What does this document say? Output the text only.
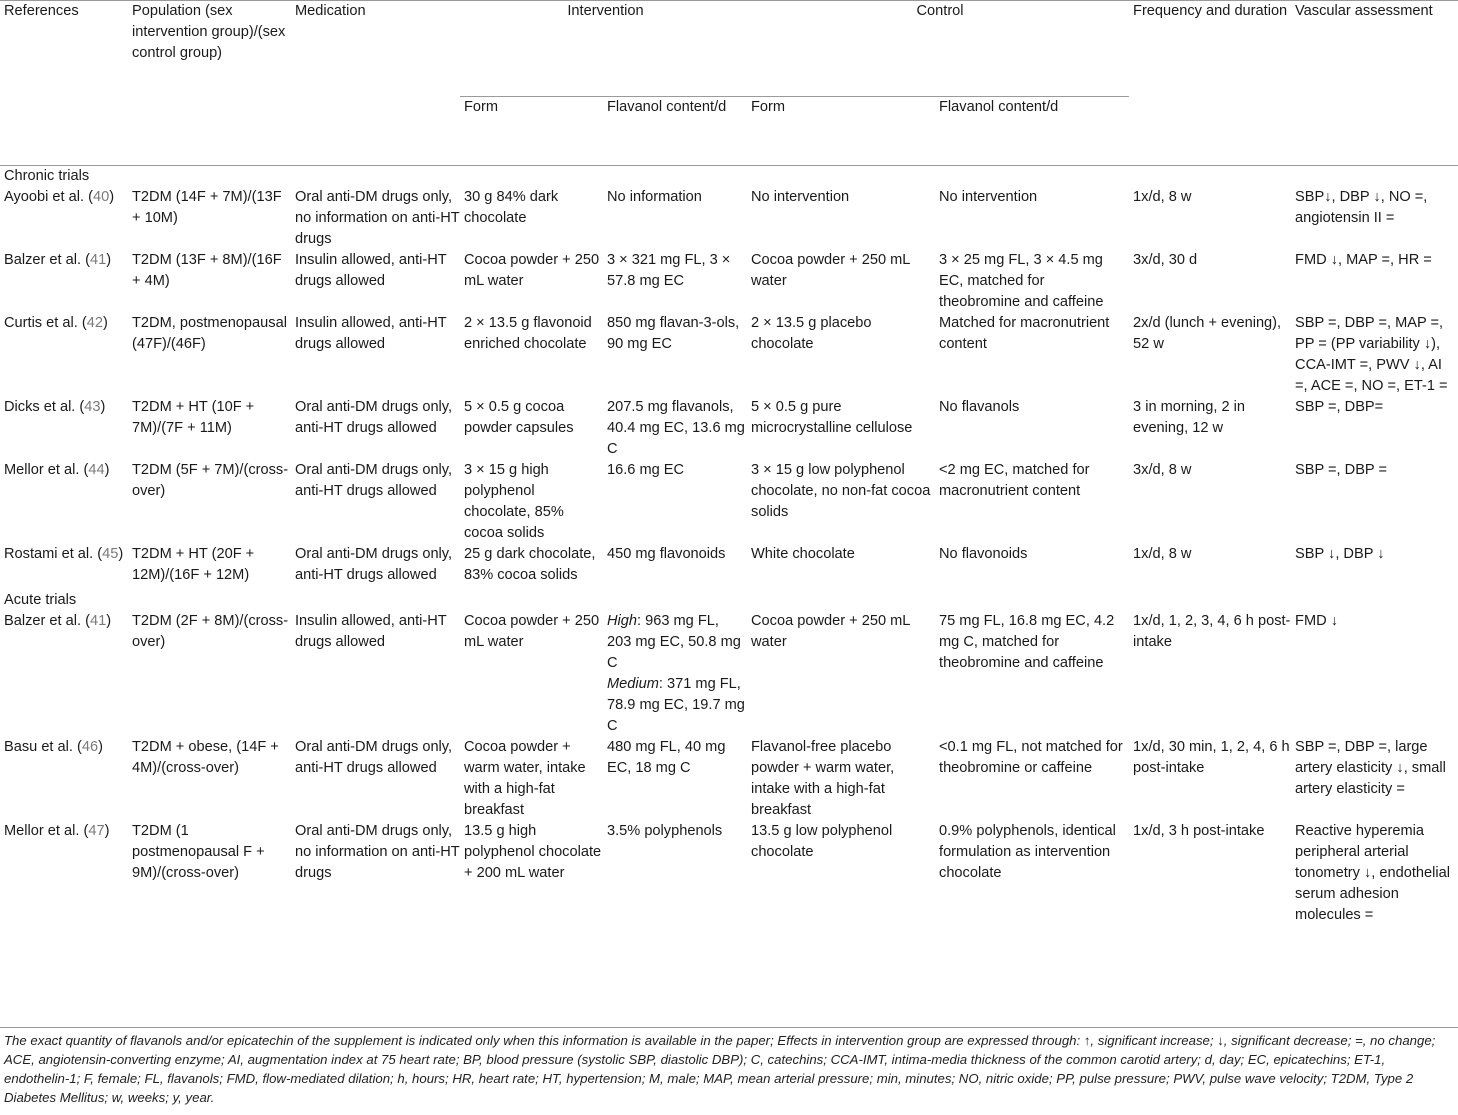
References	Population (sex intervention group)/(sex control group)	Medication	Intervention		Control		Frequency and duration	Vascular assessment
			Form	Flavanol content/d	Form	Flavanol content/d		

Chronic trials								
Ayoobi et al. (40)	T2DM (14F + 7M)/(13F + 10M)	Oral anti-DM drugs only, no information on anti-HT drugs	30 g 84% dark chocolate	No information	No intervention	No intervention	1x/d, 8 w	SBP↓, DBP ↓, NO =, angiotensin II =
Balzer et al. (41)	T2DM (13F + 8M)/(16F + 4M)	Insulin allowed, anti-HT drugs allowed	Cocoa powder + 250 mL water	3 × 321 mg FL, 3 × 57.8 mg EC	Cocoa powder + 250 mL water	3 × 25 mg FL, 3 × 4.5 mg EC, matched for theobromine and caffeine	3x/d, 30 d	FMD ↓, MAP =, HR =
Curtis et al. (42)	T2DM, postmenopausal (47F)/(46F)	Insulin allowed, anti-HT drugs allowed	2 × 13.5 g flavonoid enriched chocolate	850 mg flavan-3-ols, 90 mg EC	2 × 13.5 g placebo chocolate	Matched for macronutrient content	2x/d (lunch + evening), 52 w	SBP =, DBP =, MAP =, PP = (PP variability ↓), CCA-IMT =, PWV ↓, AI =, ACE =, NO =, ET-1 =
Dicks et al. (43)	T2DM + HT (10F + 7M)/(7F + 11M)	Oral anti-DM drugs only, anti-HT drugs allowed	5 × 0.5 g cocoa powder capsules	207.5 mg flavanols, 40.4 mg EC, 13.6 mg C	5 × 0.5 g pure microcrystalline cellulose	No flavanols	3 in morning, 2 in evening, 12 w	SBP =, DBP=
Mellor et al. (44)	T2DM (5F + 7M)/(cross-over)	Oral anti-DM drugs only, anti-HT drugs allowed	3 × 15 g high polyphenol chocolate, 85% cocoa solids	16.6 mg EC	3 × 15 g low polyphenol chocolate, no non-fat cocoa solids	<2 mg EC, matched for macronutrient content	3x/d, 8 w	SBP =, DBP =
Rostami et al. (45)	T2DM + HT (20F + 12M)/(16F + 12M)	Oral anti-DM drugs only, anti-HT drugs allowed	25 g dark chocolate, 83% cocoa solids	450 mg flavonoids	White chocolate	No flavonoids	1x/d, 8 w	SBP ↓, DBP ↓
Acute trials								
Balzer et al. (41)	T2DM (2F + 8M)/(cross-over)	Insulin allowed, anti-HT drugs allowed	Cocoa powder + 250 mL water	High: 963 mg FL, 203 mg EC, 50.8 mg C
Medium: 371 mg FL, 78.9 mg EC, 19.7 mg C	Cocoa powder + 250 mL water	75 mg FL, 16.8 mg EC, 4.2 mg C, matched for theobromine and caffeine	1x/d, 1, 2, 3, 4, 6 h post-intake	FMD ↓
Basu et al. (46)	T2DM + obese, (14F + 4M)/(cross-over)	Oral anti-DM drugs only, anti-HT drugs allowed	Cocoa powder + warm water, intake with a high-fat breakfast	480 mg FL, 40 mg EC, 18 mg C	Flavanol-free placebo powder + warm water, intake with a high-fat breakfast	<0.1 mg FL, not matched for theobromine or caffeine	1x/d, 30 min, 1, 2, 4, 6 h post-intake	SBP =, DBP =, large artery elasticity ↓, small artery elasticity =
Mellor et al. (47)	T2DM (1 postmenopausal F + 9M)/(cross-over)	Oral anti-DM drugs only, no information on anti-HT drugs	13.5 g high polyphenol chocolate + 200 mL water	3.5% polyphenols	13.5 g low polyphenol chocolate	0.9% polyphenols, identical formulation as intervention chocolate	1x/d, 3 h post-intake	Reactive hyperemia peripheral arterial tonometry ↓, endothelial serum adhesion molecules =

The exact quantity of flavanols and/or epicatechin of the supplement is indicated only when this information is available in the paper; Effects in intervention group are expressed through: ↑, significant increase; ↓, significant decrease; =, no change; ACE, angiotensin-converting enzyme; AI, augmentation index at 75 heart rate; BP, blood pressure (systolic SBP, diastolic DBP); C, catechins; CCA-IMT, intima-media thickness of the common carotid artery; d, day; EC, epicatechins; ET-1, endothelin-1; F, female; FL, flavanols; FMD, flow-mediated dilation; h, hours; HR, heart rate; HT, hypertension; M, male; MAP, mean arterial pressure; min, minutes; NO, nitric oxide; PP, pulse pressure; PWV, pulse wave velocity; T2DM, Type 2 Diabetes Mellitus; w, weeks; y, year.
